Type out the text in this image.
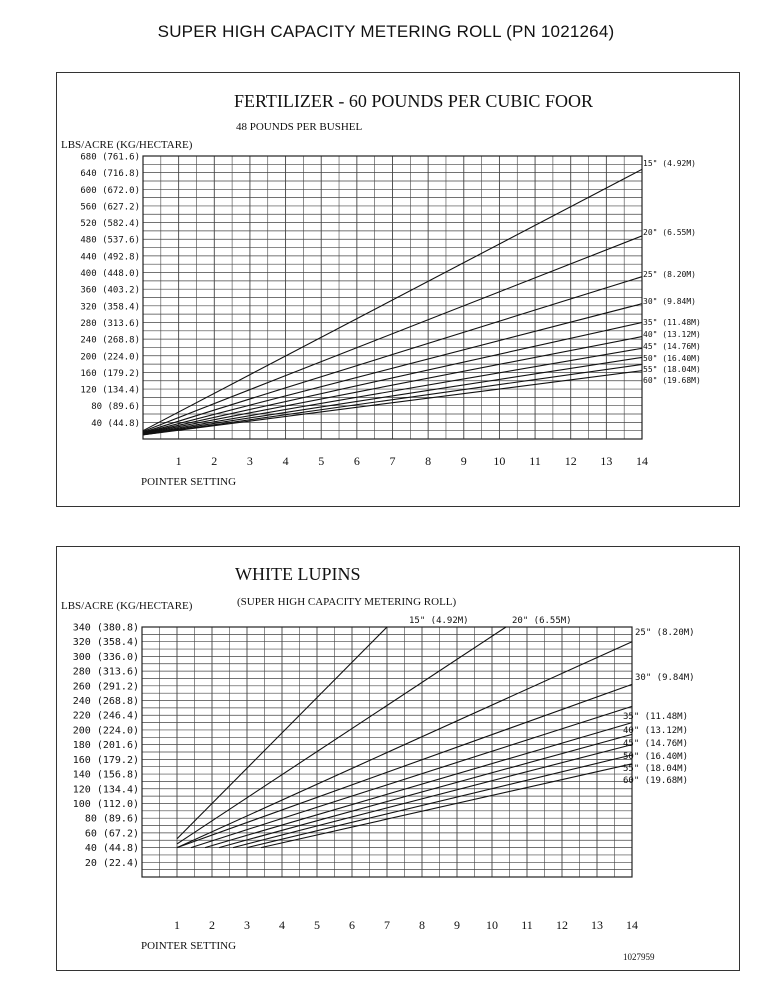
SUPER HIGH CAPACITY METERING ROLL (PN 1021264)
FERTILIZER - 60 POUNDS PER CUBIC FOOR
48 POUNDS PER BUSHEL
LBS/ACRE (KG/HECTARE)
POINTER SETTING
680 (761.6)
640 (716.8)
600 (672.0)
560 (627.2)
520 (582.4)
480 (537.6)
440 (492.8)
400 (448.0)
360 (403.2)
320 (358.4)
280 (313.6)
240 (268.8)
200 (224.0)
160 (179.2)
120 (134.4)
80 (89.6)
40 (44.8)
1 2 3 4 5 6 7 8 9 10 11 12 13 14
15" (4.92M)
20" (6.55M)
25" (8.20M)
30" (9.84M)
35" (11.48M)
40" (13.12M)
45" (14.76M)
50" (16.40M)
55" (18.04M)
60" (19.68M)
WHITE LUPINS
(SUPER HIGH CAPACITY METERING ROLL)
LBS/ACRE (KG/HECTARE)
POINTER SETTING
340 (380.8)
320 (358.4)
300 (336.0)
280 (313.6)
260 (291.2)
240 (268.8)
220 (246.4)
200 (224.0)
180 (201.6)
160 (179.2)
140 (156.8)
120 (134.4)
100 (112.0)
80 (89.6)
60 (67.2)
40 (44.8)
20 (22.4)
1 2 3 4 5 6 7 8 9 10 11 12 13 14
15" (4.92M)	20" (6.55M)
25" (8.20M)
30" (9.84M)
35" (11.48M)
40" (13.12M)
45" (14.76M)
50" (16.40M)
55" (18.04M)
60" (19.68M)
1027959
